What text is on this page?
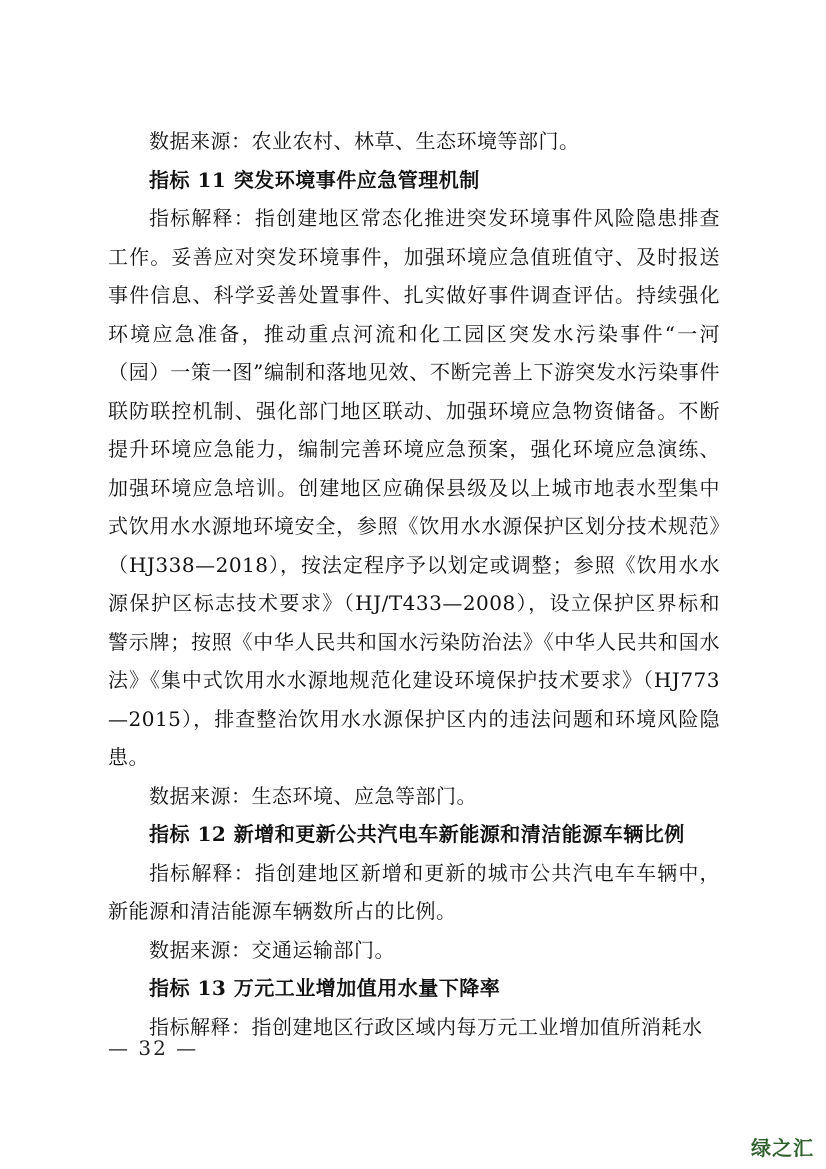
数据来源：农业农村、林草、生态环境等部门。

指标 11 突发环境事件应急管理机制

指标解释：指创建地区常态化推进突发环境事件风险隐患排查工作。妥善应对突发环境事件，加强环境应急值班值守、及时报送事件信息、科学妥善处置事件、扎实做好事件调查评估。持续强化环境应急准备，推动重点河流和化工园区突发水污染事件“一河（园）一策一图”编制和落地见效、不断完善上下游突发水污染事件联防联控机制、强化部门地区联动、加强环境应急物资储备。不断提升环境应急能力，编制完善环境应急预案，强化环境应急演练、加强环境应急培训。创建地区应确保县级及以上城市地表水型集中式饮用水水源地环境安全，参照《饮用水水源保护区划分技术规范》（HJ338—2018），按法定程序予以划定或调整；参照《饮用水水源保护区标志技术要求》（HJ/T433—2008），设立保护区界标和警示牌；按照《中华人民共和国水污染防治法》《中华人民共和国水法》《集中式饮用水水源地规范化建设环境保护技术要求》（HJ773—2015），排查整治饮用水水源保护区内的违法问题和环境风险隐患。

数据来源：生态环境、应急等部门。

指标 12 新增和更新公共汽电车新能源和清洁能源车辆比例

指标解释：指创建地区新增和更新的城市公共汽电车车辆中，新能源和清洁能源车辆数所占的比例。

数据来源：交通运输部门。

指标 13 万元工业增加值用水量下降率

指标解释：指创建地区行政区域内每万元工业增加值所消耗水

— 32 —
绿之汇
